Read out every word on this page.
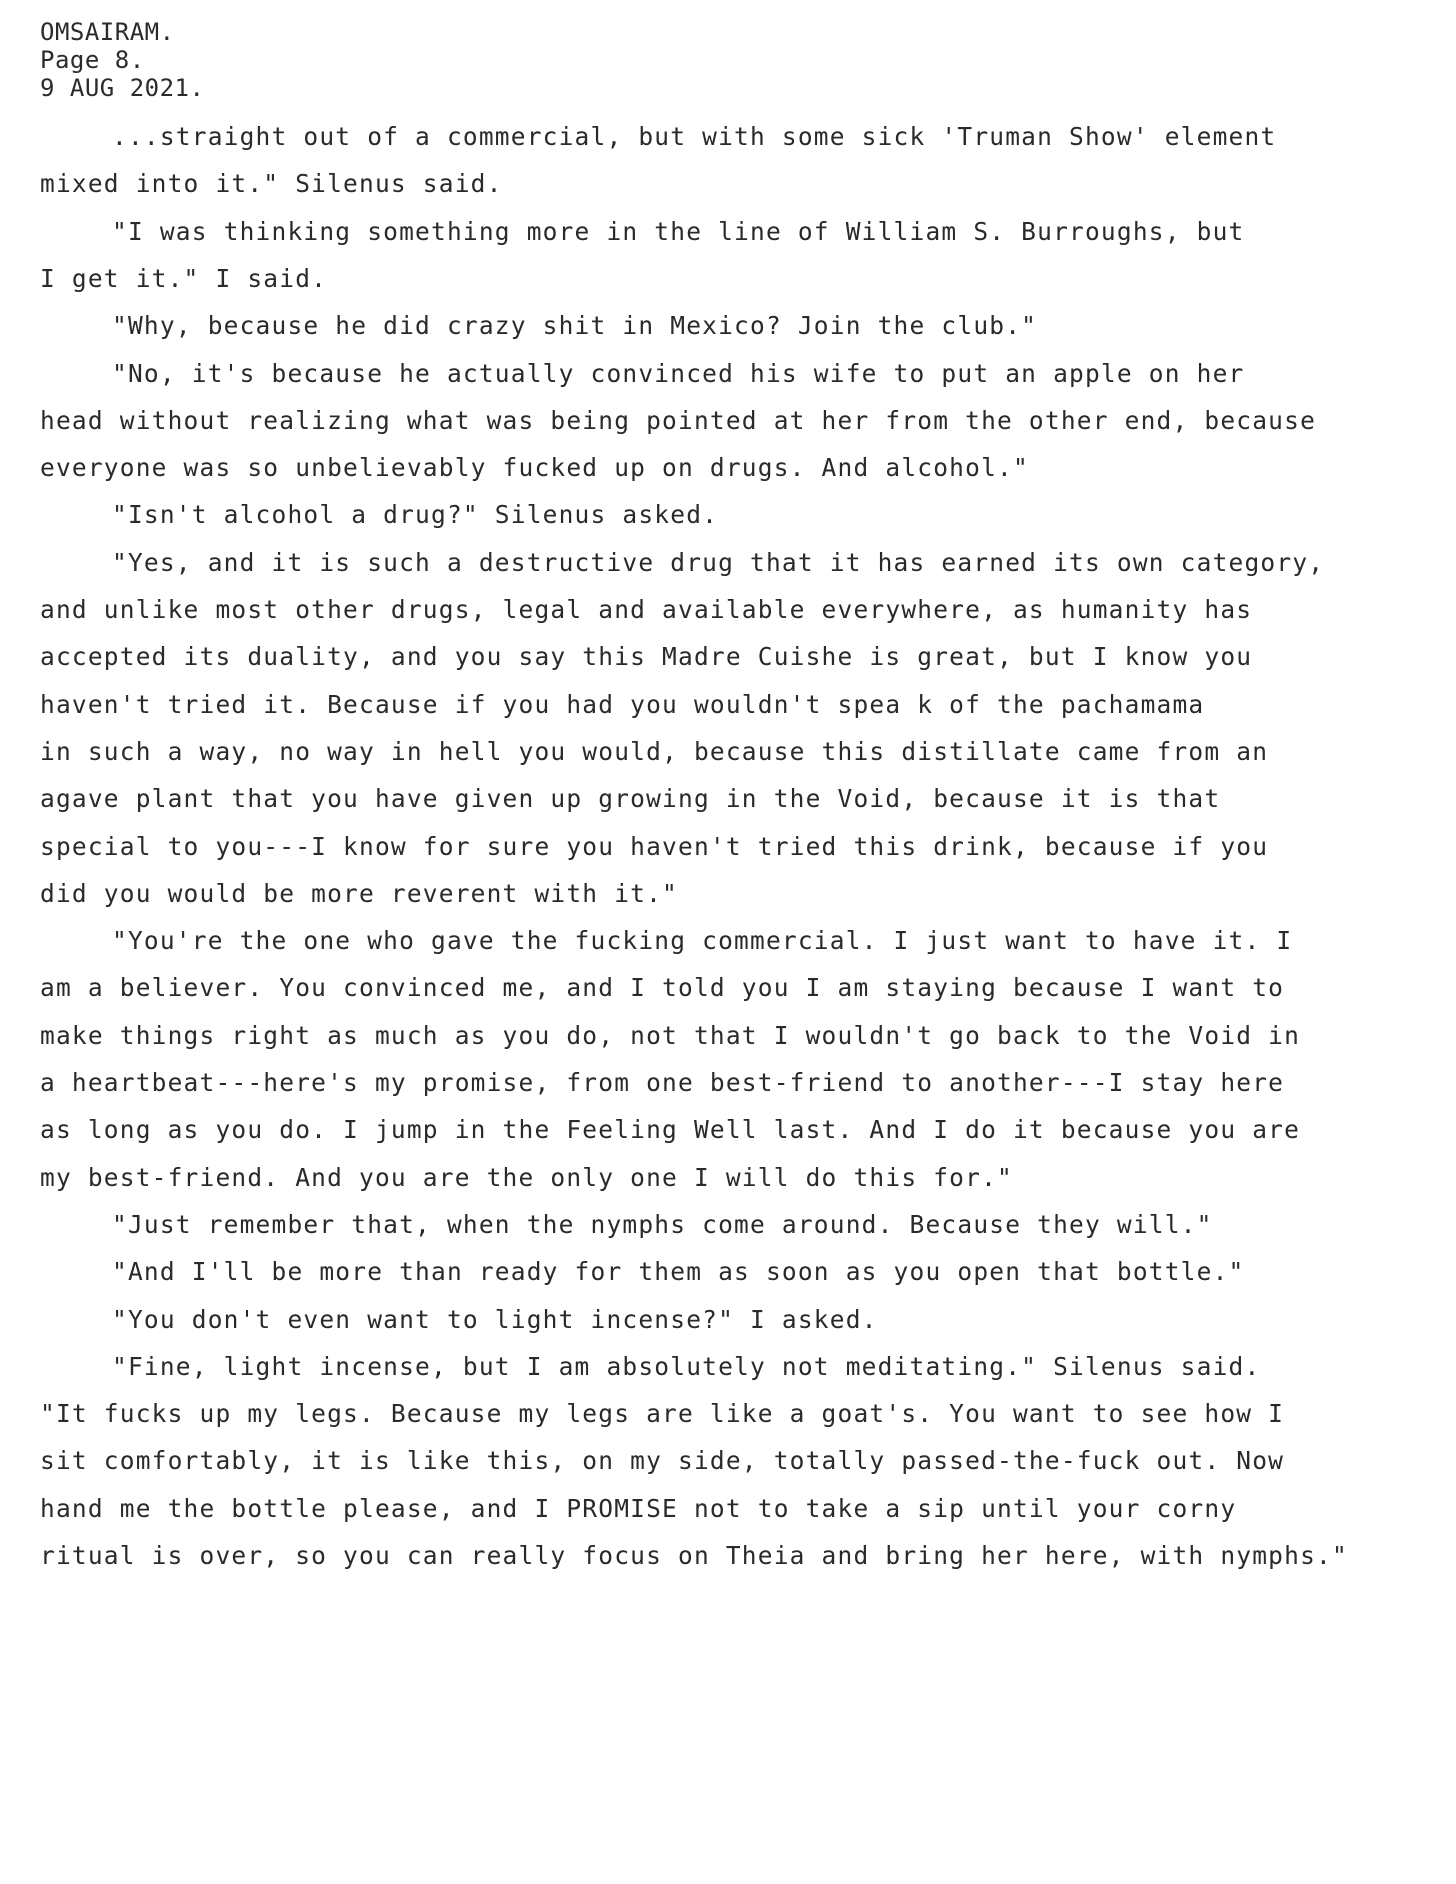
OMSAIRAM.
Page 8.
9 AUG 2021.
...straight out of a commercial, but with some sick 'Truman Show' element
mixed into it." Silenus said.
"I was thinking something more in the line of William S. Burroughs, but
I get it." I said.
"Why, because he did crazy shit in Mexico? Join the club."
"No, it's because he actually convinced his wife to put an apple on her
head without realizing what was being pointed at her from the other end, because
everyone was so unbelievably fucked up on drugs. And alcohol."
"Isn't alcohol a drug?" Silenus asked.
"Yes, and it is such a destructive drug that it has earned its own category,
and unlike most other drugs, legal and available everywhere, as humanity has
accepted its duality, and you say this Madre Cuishe is great, but I know you
haven't tried it. Because if you had you wouldn't spea k of the pachamama
in such a way, no way in hell you would, because this distillate came from an
agave plant that you have given up growing in the Void, because it is that
special to you---I know for sure you haven't tried this drink, because if you
did you would be more reverent with it."
"You're the one who gave the fucking commercial. I just want to have it. I
am a believer. You convinced me, and I told you I am staying because I want to
make things right as much as you do, not that I wouldn't go back to the Void in
a heartbeat---here's my promise, from one best-friend to another---I stay here
as long as you do. I jump in the Feeling Well last. And I do it because you are
my best-friend. And you are the only one I will do this for."
"Just remember that, when the nymphs come around. Because they will."
"And I'll be more than ready for them as soon as you open that bottle."
"You don't even want to light incense?" I asked.
"Fine, light incense, but I am absolutely not meditating." Silenus said.
"It fucks up my legs. Because my legs are like a goat's. You want to see how I
sit comfortably, it is like this, on my side, totally passed-the-fuck out. Now
hand me the bottle please, and I PROMISE not to take a sip until your corny
ritual is over, so you can really focus on Theia and bring her here, with nymphs."
